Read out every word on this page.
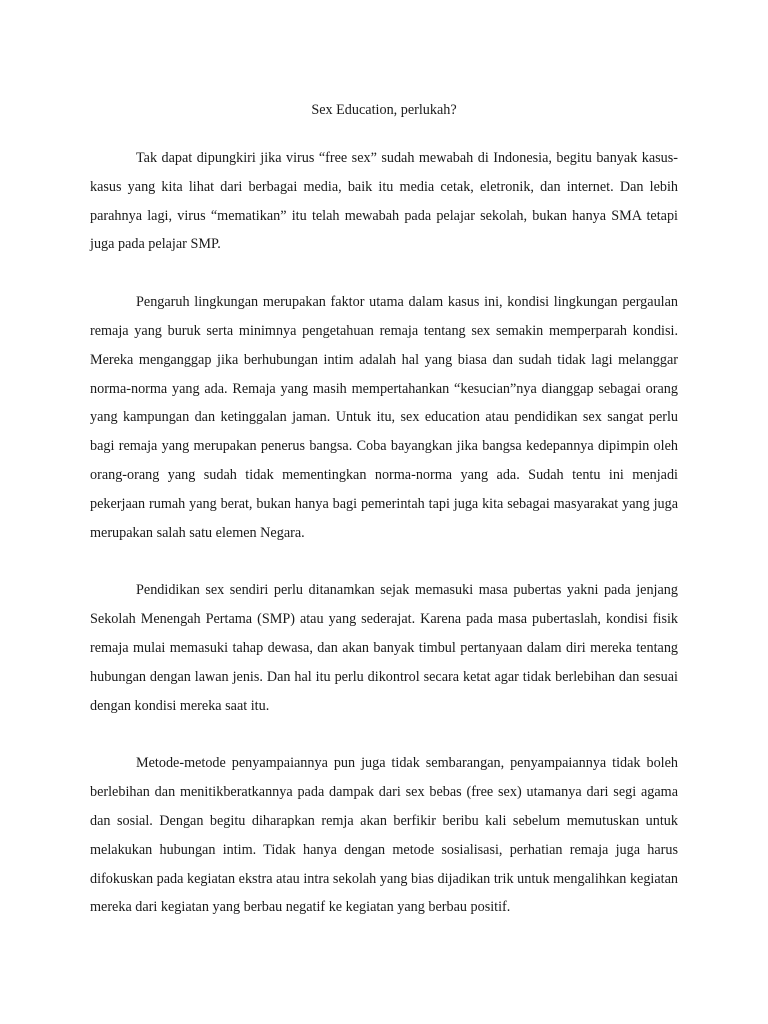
Sex Education, perlukah?

Tak dapat dipungkiri jika virus “free sex” sudah mewabah di Indonesia, begitu banyak kasus-kasus yang kita lihat dari berbagai media, baik itu media cetak, eletronik, dan internet. Dan lebih parahnya lagi, virus “mematikan” itu telah mewabah pada pelajar sekolah, bukan hanya SMA tetapi juga pada pelajar SMP.

Pengaruh lingkungan merupakan faktor utama dalam kasus ini, kondisi lingkungan pergaulan remaja yang buruk serta minimnya pengetahuan remaja tentang sex semakin memperparah kondisi. Mereka menganggap jika berhubungan intim adalah hal yang biasa dan sudah tidak lagi melanggar norma-norma yang ada. Remaja yang masih mempertahankan “kesucian”nya dianggap sebagai orang yang kampungan dan ketinggalan jaman. Untuk itu, sex education atau pendidikan sex sangat perlu bagi remaja yang merupakan penerus bangsa. Coba bayangkan jika bangsa kedepannya dipimpin oleh orang-orang yang sudah tidak mementingkan norma-norma yang ada. Sudah tentu ini menjadi pekerjaan rumah yang berat, bukan hanya bagi pemerintah tapi juga kita sebagai masyarakat yang juga merupakan salah satu elemen Negara.

Pendidikan sex sendiri perlu ditanamkan sejak memasuki masa pubertas yakni pada jenjang Sekolah Menengah Pertama (SMP) atau yang sederajat. Karena pada masa pubertaslah, kondisi fisik remaja mulai memasuki tahap dewasa, dan akan banyak timbul pertanyaan dalam diri mereka tentang hubungan dengan lawan jenis. Dan hal itu perlu dikontrol secara ketat agar tidak berlebihan dan sesuai dengan kondisi mereka saat itu.

Metode-metode penyampaiannya pun juga tidak sembarangan, penyampaiannya tidak boleh berlebihan dan menitikberatkannya pada dampak dari sex bebas (free sex) utamanya dari segi agama dan sosial. Dengan begitu diharapkan remja akan berfikir beribu kali sebelum memutuskan untuk melakukan hubungan intim. Tidak hanya dengan metode sosialisasi, perhatian remaja juga harus difokuskan pada kegiatan ekstra atau intra sekolah yang bias dijadikan trik untuk mengalihkan kegiatan mereka dari kegiatan yang berbau negatif ke kegiatan yang berbau positif.
